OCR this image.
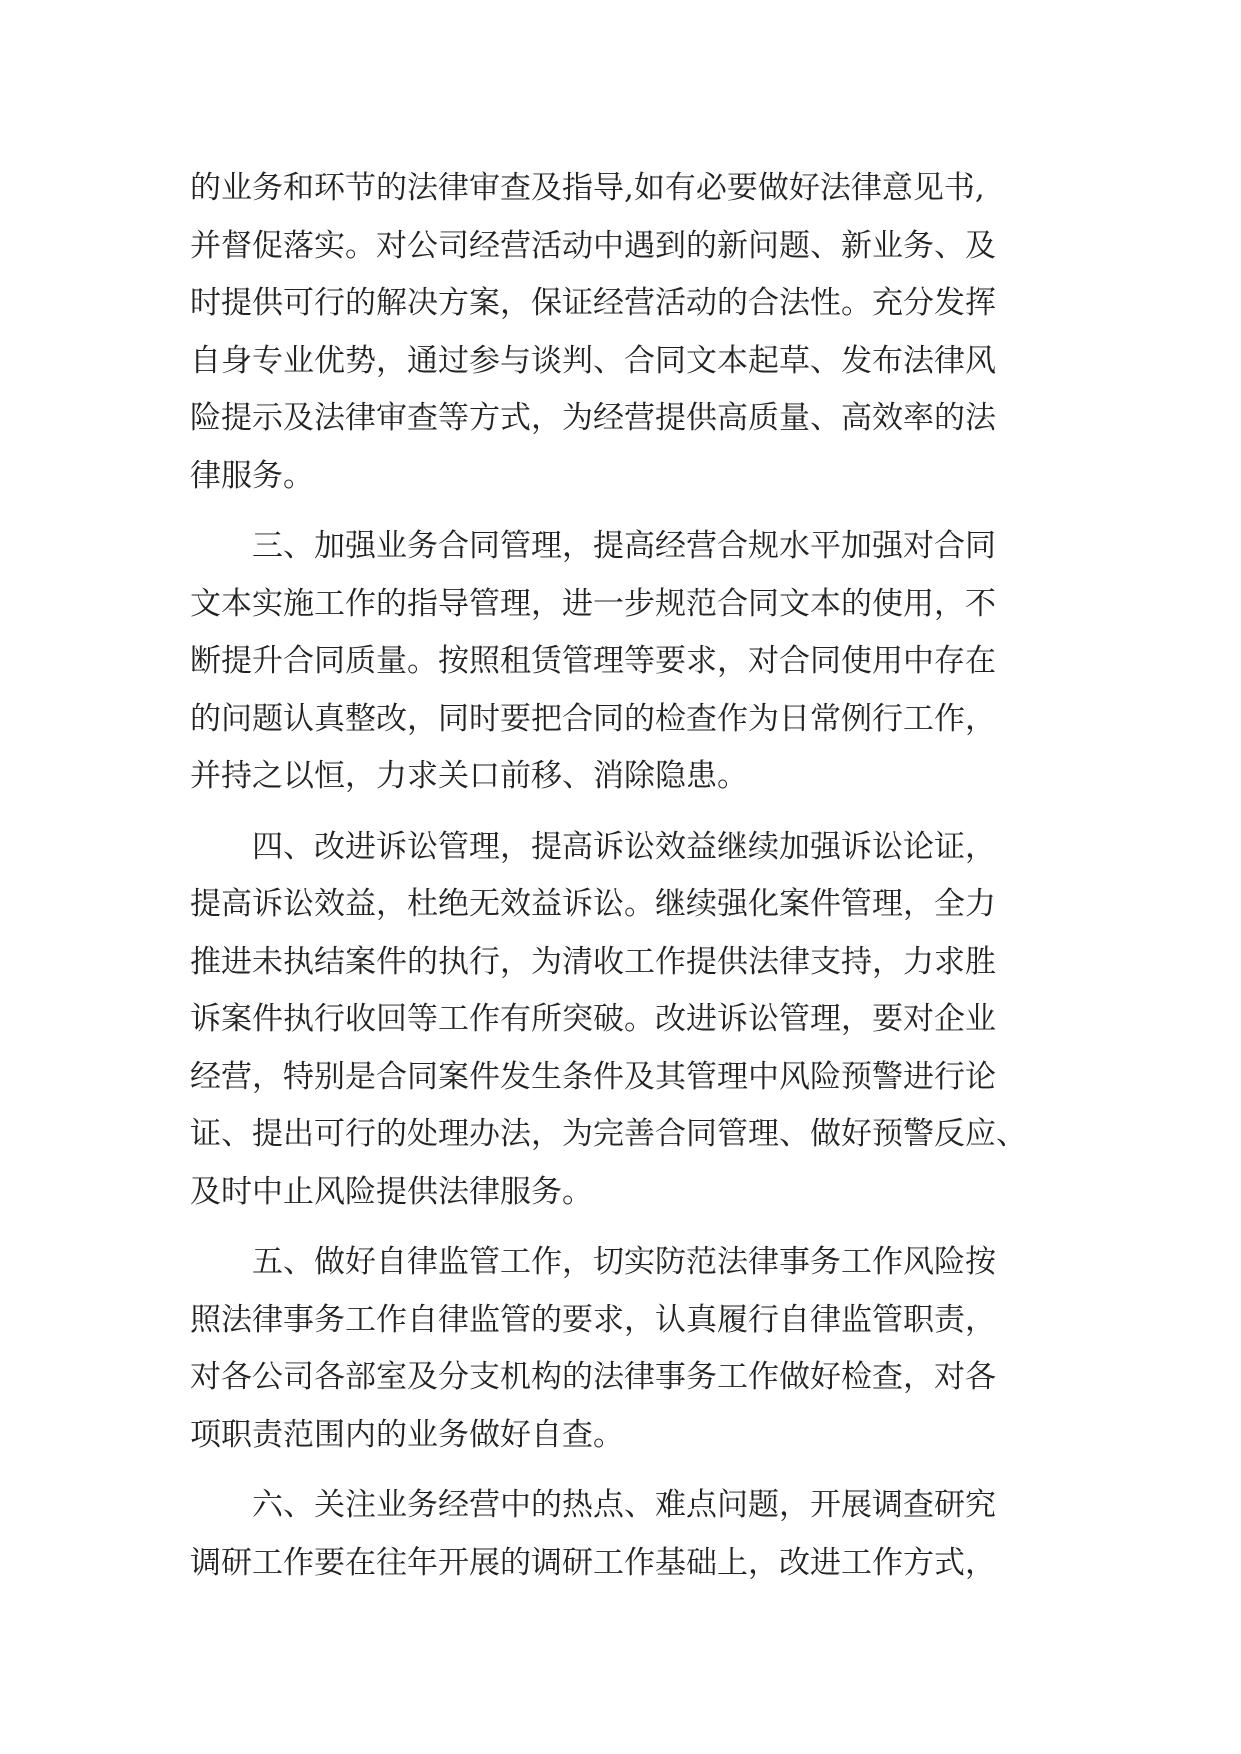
的业务和环节的法律审查及指导,如有必要做好法律意见书,
并督促落实。对公司经营活动中遇到的新问题、新业务、及
时提供可行的解决方案，保证经营活动的合法性。充分发挥
自身专业优势，通过参与谈判、合同文本起草、发布法律风
险提示及法律审查等方式，为经营提供高质量、高效率的法
律服务。
　　三、加强业务合同管理，提高经营合规水平加强对合同
文本实施工作的指导管理，进一步规范合同文本的使用，不
断提升合同质量。按照租赁管理等要求，对合同使用中存在
的问题认真整改，同时要把合同的检查作为日常例行工作，
并持之以恒，力求关口前移、消除隐患。
　　四、改进诉讼管理，提高诉讼效益继续加强诉讼论证，
提高诉讼效益，杜绝无效益诉讼。继续强化案件管理，全力
推进未执结案件的执行，为清收工作提供法律支持，力求胜
诉案件执行收回等工作有所突破。改进诉讼管理，要对企业
经营，特别是合同案件发生条件及其管理中风险预警进行论
证、提出可行的处理办法，为完善合同管理、做好预警反应、
及时中止风险提供法律服务。
　　五、做好自律监管工作，切实防范法律事务工作风险按
照法律事务工作自律监管的要求，认真履行自律监管职责，
对各公司各部室及分支机构的法律事务工作做好检查，对各
项职责范围内的业务做好自查。
　　六、关注业务经营中的热点、难点问题，开展调查研究
调研工作要在往年开展的调研工作基础上，改进工作方式，
